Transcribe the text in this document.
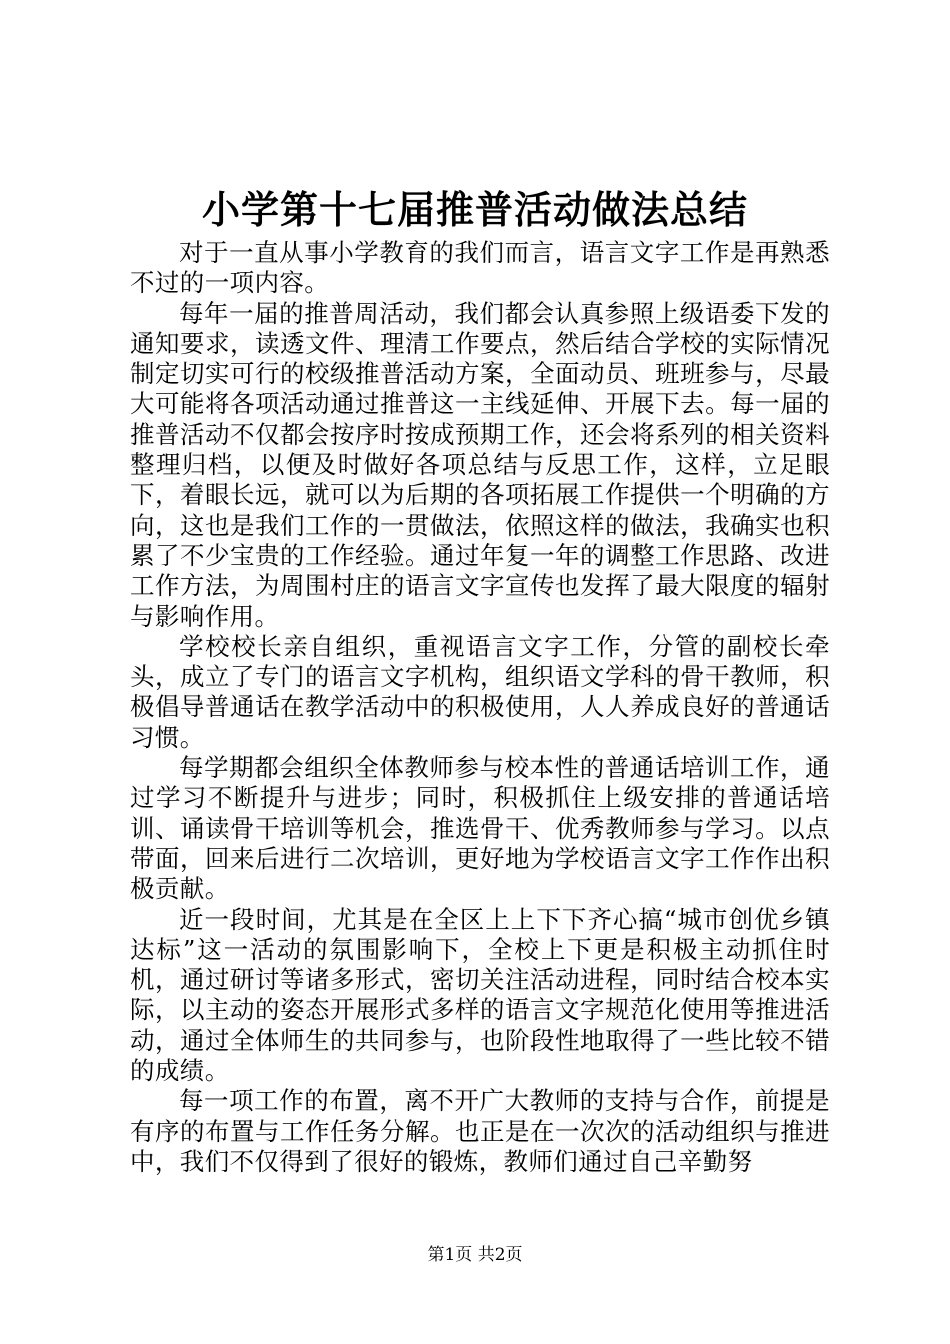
小学第十七届推普活动做法总结

对于一直从事小学教育的我们而言，语言文字工作是再熟悉不过的一项内容。

每年一届的推普周活动，我们都会认真参照上级语委下发的通知要求，读透文件、理清工作要点，然后结合学校的实际情况制定切实可行的校级推普活动方案，全面动员、班班参与，尽最大可能将各项活动通过推普这一主线延伸、开展下去。每一届的推普活动不仅都会按序时按成预期工作，还会将系列的相关资料整理归档，以便及时做好各项总结与反思工作，这样，立足眼下，着眼长远，就可以为后期的各项拓展工作提供一个明确的方向，这也是我们工作的一贯做法，依照这样的做法，我确实也积累了不少宝贵的工作经验。通过年复一年的调整工作思路、改进工作方法，为周围村庄的语言文字宣传也发挥了最大限度的辐射与影响作用。

学校校长亲自组织，重视语言文字工作，分管的副校长牵头，成立了专门的语言文字机构，组织语文学科的骨干教师，积极倡导普通话在教学活动中的积极使用，人人养成良好的普通话习惯。

每学期都会组织全体教师参与校本性的普通话培训工作，通过学习不断提升与进步；同时，积极抓住上级安排的普通话培训、诵读骨干培训等机会，推选骨干、优秀教师参与学习。以点带面，回来后进行二次培训，更好地为学校语言文字工作作出积极贡献。

近一段时间，尤其是在全区上上下下齐心搞“城市创优乡镇达标”这一活动的氛围影响下，全校上下更是积极主动抓住时机，通过研讨等诸多形式，密切关注活动进程，同时结合校本实际，以主动的姿态开展形式多样的语言文字规范化使用等推进活动，通过全体师生的共同参与，也阶段性地取得了一些比较不错的成绩。

每一项工作的布置，离不开广大教师的支持与合作，前提是有序的布置与工作任务分解。也正是在一次次的活动组织与推进中，我们不仅得到了很好的锻炼，教师们通过自己辛勤努

第1页 共2页
